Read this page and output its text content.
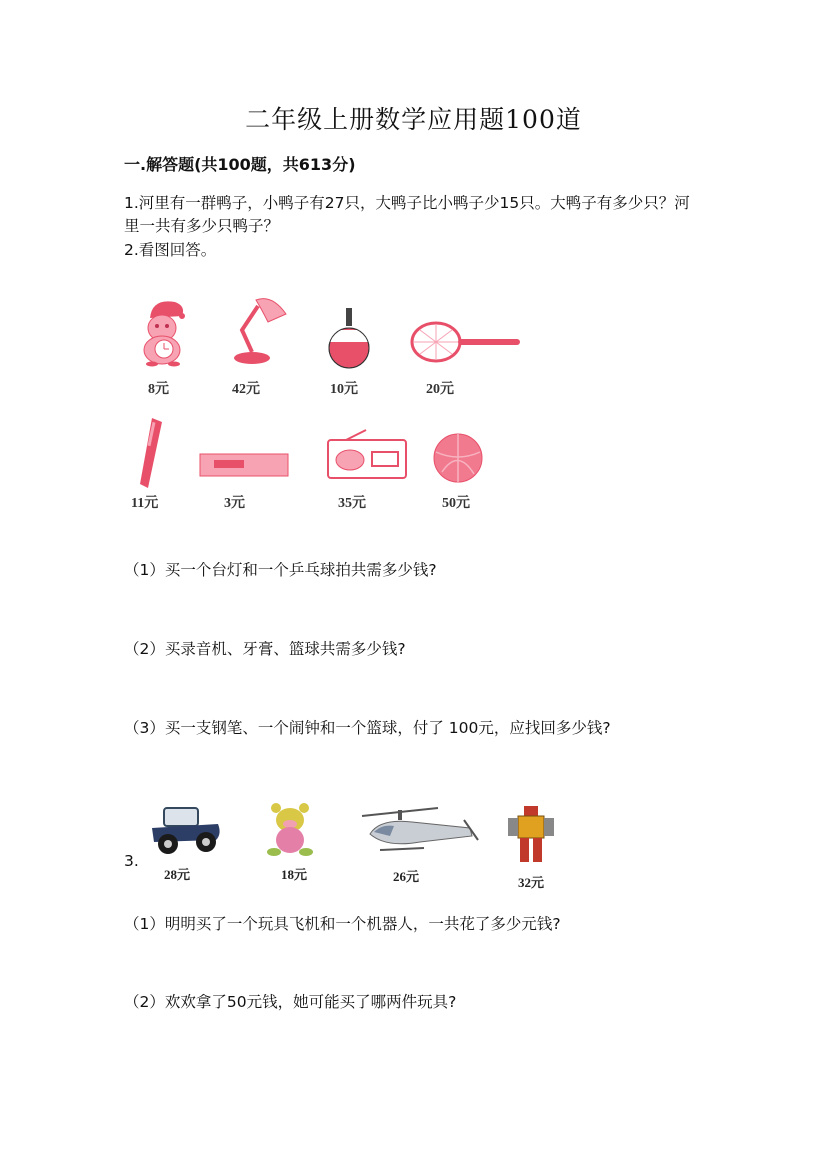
二年级上册数学应用题100道
一.解答题(共100题，共613分)
1.河里有一群鸭子，小鸭子有27只，大鸭子比小鸭子少15只。大鸭子有多少只？河里一共有多少只鸭子？
2.看图回答。
8元	42元	10元	20元
11元	3元	35元	50元
（1）买一个台灯和一个乒乓球拍共需多少钱?
（2）买录音机、牙膏、篮球共需多少钱?
（3）买一支钢笔、一个闹钟和一个篮球，付了 100元，应找回多少钱?
3.
28元	18元	26元	32元
（1）明明买了一个玩具飞机和一个机器人，一共花了多少元钱?
（2）欢欢拿了50元钱，她可能买了哪两件玩具?
